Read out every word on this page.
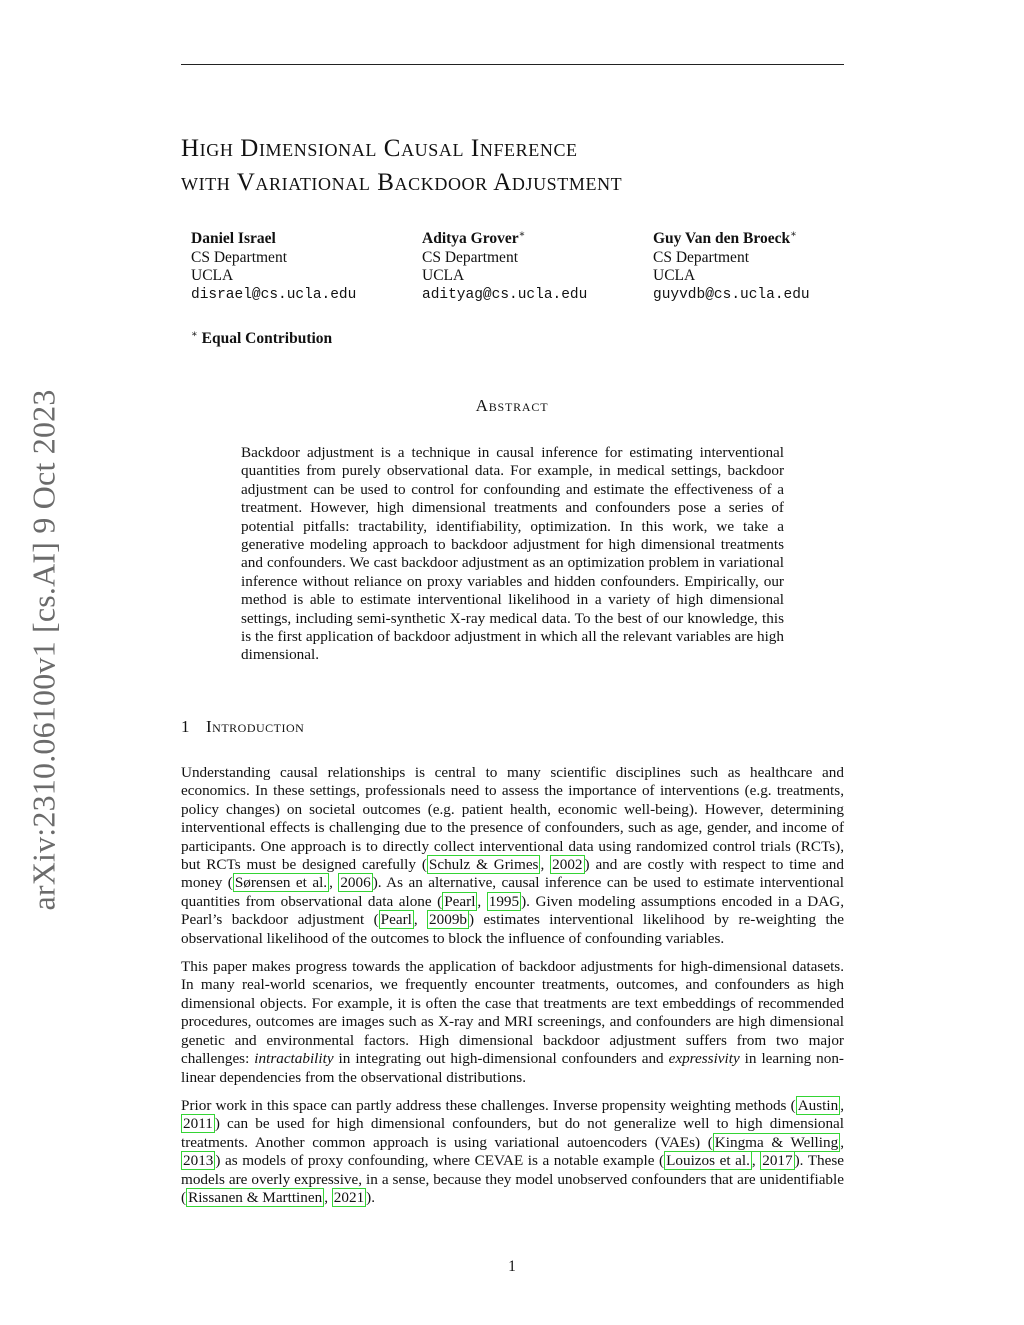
arXiv:2310.06100v1 [cs.AI] 9 Oct 2023
High Dimensional Causal Inference
with Variational Backdoor Adjustment
Daniel Israel
CS Department
UCLA
disrael@cs.ucla.edu
Aditya Grover∗
CS Department
UCLA
adityag@cs.ucla.edu
Guy Van den Broeck∗
CS Department
UCLA
guyvdb@cs.ucla.edu
∗ Equal Contribution
Abstract
Backdoor adjustment is a technique in causal inference for estimating interventional quantities from purely observational data. For example, in medical settings, backdoor adjustment can be used to control for confounding and estimate the effectiveness of a treatment. However, high dimensional treatments and confounders pose a series of potential pitfalls: tractability, identifiability, optimization. In this work, we take a generative modeling approach to backdoor adjustment for high dimensional treatments and confounders. We cast backdoor adjustment as an optimization problem in variational inference without reliance on proxy variables and hidden confounders. Empirically, our method is able to estimate interventional likelihood in a variety of high dimensional settings, including semi-synthetic X-ray medical data. To the best of our knowledge, this is the first application of backdoor adjustment in which all the relevant variables are high dimensional.
1 Introduction

Understanding causal relationships is central to many scientific disciplines such as healthcare and economics. In these settings, professionals need to assess the importance of interventions (e.g. treatments, policy changes) on societal outcomes (e.g. patient health, economic well-being). However, determining interventional effects is challenging due to the presence of confounders, such as age, gender, and income of participants. One approach is to directly collect interventional data using randomized control trials (RCTs), but RCTs must be designed carefully ( Schulz & Grimes , 2002 ) and are costly with respect to time and money ( Sørensen et al. , 2006 ). As an alternative, causal inference can be used to estimate interventional quantities from observational data alone ( Pearl , 1995 ). Given modeling assumptions encoded in a DAG, Pearl’s backdoor adjustment ( Pearl , 2009b ) estimates interventional likelihood by re-weighting the observational likelihood of the outcomes to block the influence of confounding variables.

This paper makes progress towards the application of backdoor adjustments for high-dimensional datasets. In many real-world scenarios, we frequently encounter treatments, outcomes, and confounders as high dimensional objects. For example, it is often the case that treatments are text embeddings of recommended procedures, outcomes are images such as X-ray and MRI screenings, and confounders are high dimensional genetic and environmental factors. High dimensional backdoor adjustment suffers from two major challenges: intractability in integrating out high-dimensional confounders and expressivity in learning non-linear dependencies from the observational distributions.

Prior work in this space can partly address these challenges. Inverse propensity weighting methods ( Austin , 2011 ) can be used for high dimensional confounders, but do not generalize well to high dimensional treatments. Another common approach is using variational autoencoders (VAEs) ( Kingma & Welling , 2013 ) as models of proxy confounding, where CEVAE is a notable example ( Louizos et al. , 2017 ). These models are overly expressive, in a sense, because they model unobserved confounders that are unidentifiable ( Rissanen & Marttinen , 2021 ).

1
